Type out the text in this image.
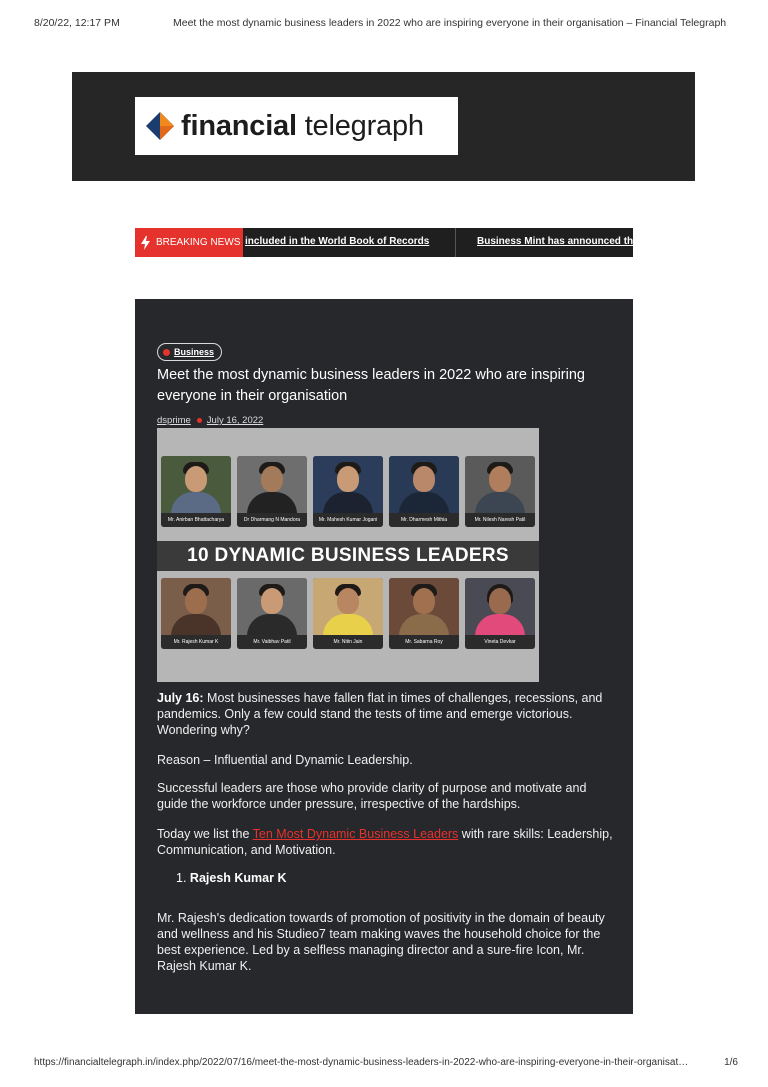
8/20/22, 12:17 PM	Meet the most dynamic business leaders in 2022 who are inspiring everyone in their organisation – Financial Telegraph
financial telegraph
BREAKING NEWS included in the World Book of Records	Business Mint has announced th
Business
Meet the most dynamic business leaders in 2022 who are inspiring everyone in their organisation
dsprime July 16, 2022
Mr. Anirban Bhattacharya	Dr Dharmang N Mandora	Mr. Mahesh Kumar Jogani	Mr. Dharmesh Mithia	Mr. Nilesh Naresh Patil
10 DYNAMIC BUSINESS LEADERS
Mr. Rajesh Kumar K	Mr. Vaibhav Patil	Mr. Nitin Jain	Mr. Sabarna Roy	Vineta Devkar
July 16: Most businesses have fallen flat in times of challenges, recessions, and pandemics. Only a few could stand the tests of time and emerge victorious. Wondering why?
Reason – Influential and Dynamic Leadership.
Successful leaders are those who provide clarity of purpose and motivate and guide the workforce under pressure, irrespective of the hardships.
Today we list the Ten Most Dynamic Business Leaders with rare skills: Leadership, Communication, and Motivation.
1. Rajesh Kumar K
Mr. Rajesh's dedication towards of promotion of positivity in the domain of beauty and wellness and his Studieo7 team making waves the household choice for the best experience. Led by a selfless managing director and a sure-fire Icon, Mr. Rajesh Kumar K.
https://financialtelegraph.in/index.php/2022/07/16/meet-the-most-dynamic-business-leaders-in-2022-who-are-inspiring-everyone-in-their-organisat…	1/6
